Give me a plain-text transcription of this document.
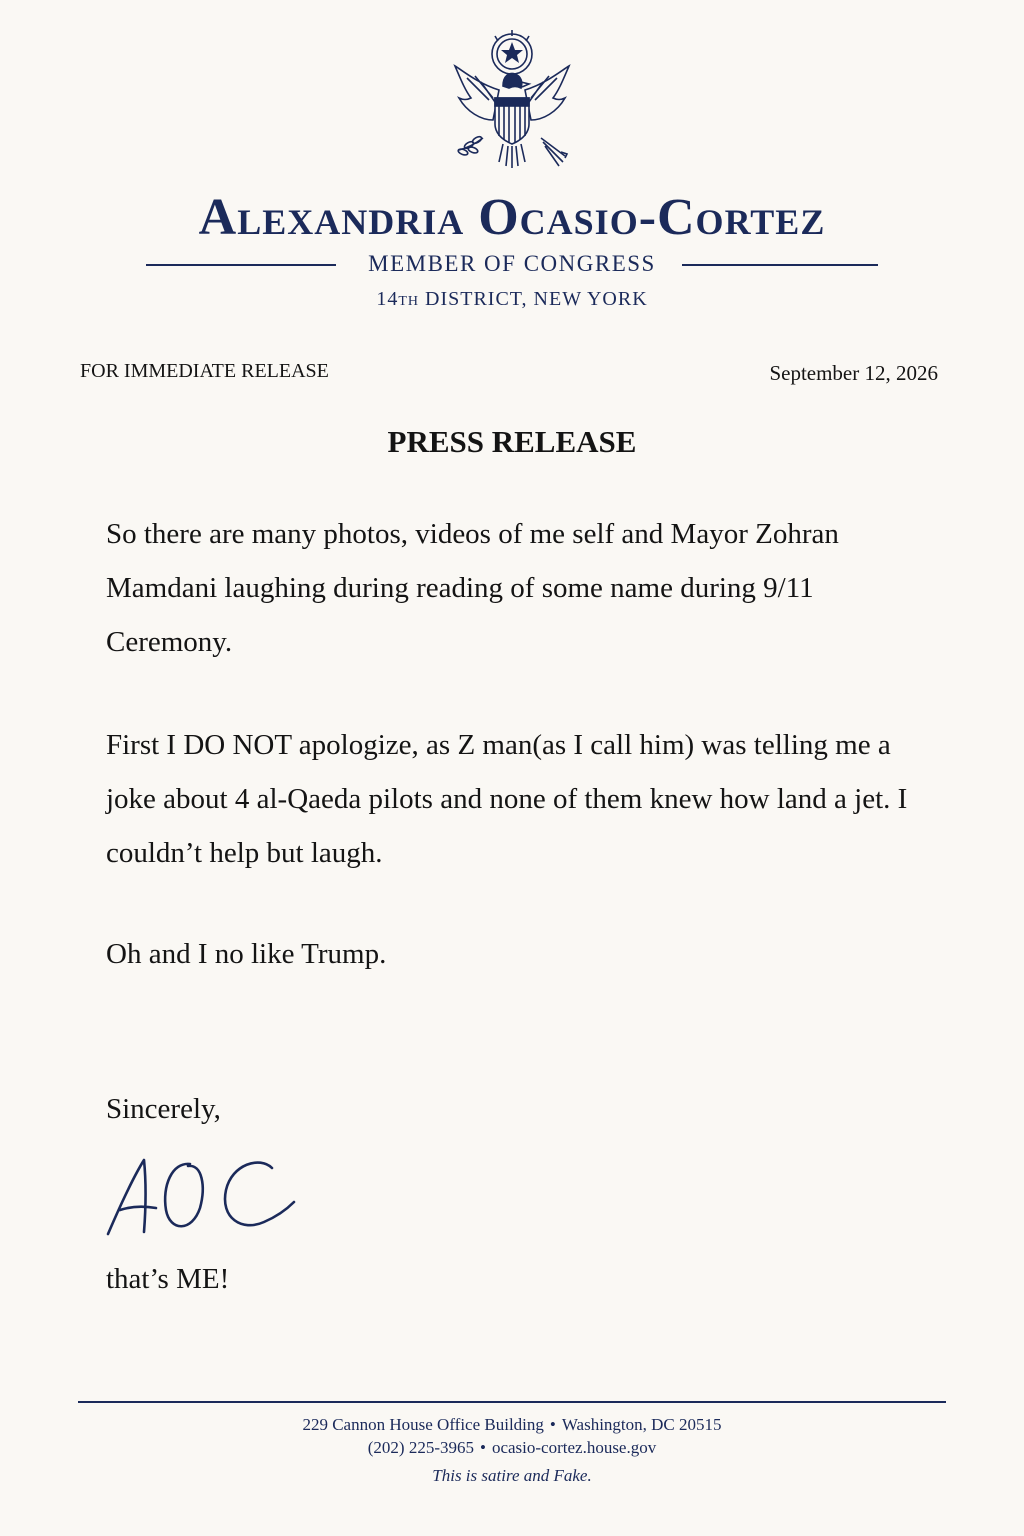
Alexandria Ocasio-Cortez
MEMBER OF CONGRESS
14TH DISTRICT, NEW YORK
FOR IMMEDIATE RELEASE	September 12, 2026
PRESS RELEASE
So there are many photos, videos of me self and Mayor Zohran Mamdani laughing during reading of some name during 9/11 Ceremony.
First I DO NOT apologize, as Z man(as I call him) was telling me a joke about 4 al-Qaeda pilots and none of them knew how land a jet. I couldn’t help but laugh.
Oh and I no like Trump.
Sincerely,
that’s ME!
229 Cannon House Office Building • Washington, DC 20515
(202) 225-3965 • ocasio-cortez.house.gov
This is satire and Fake.
